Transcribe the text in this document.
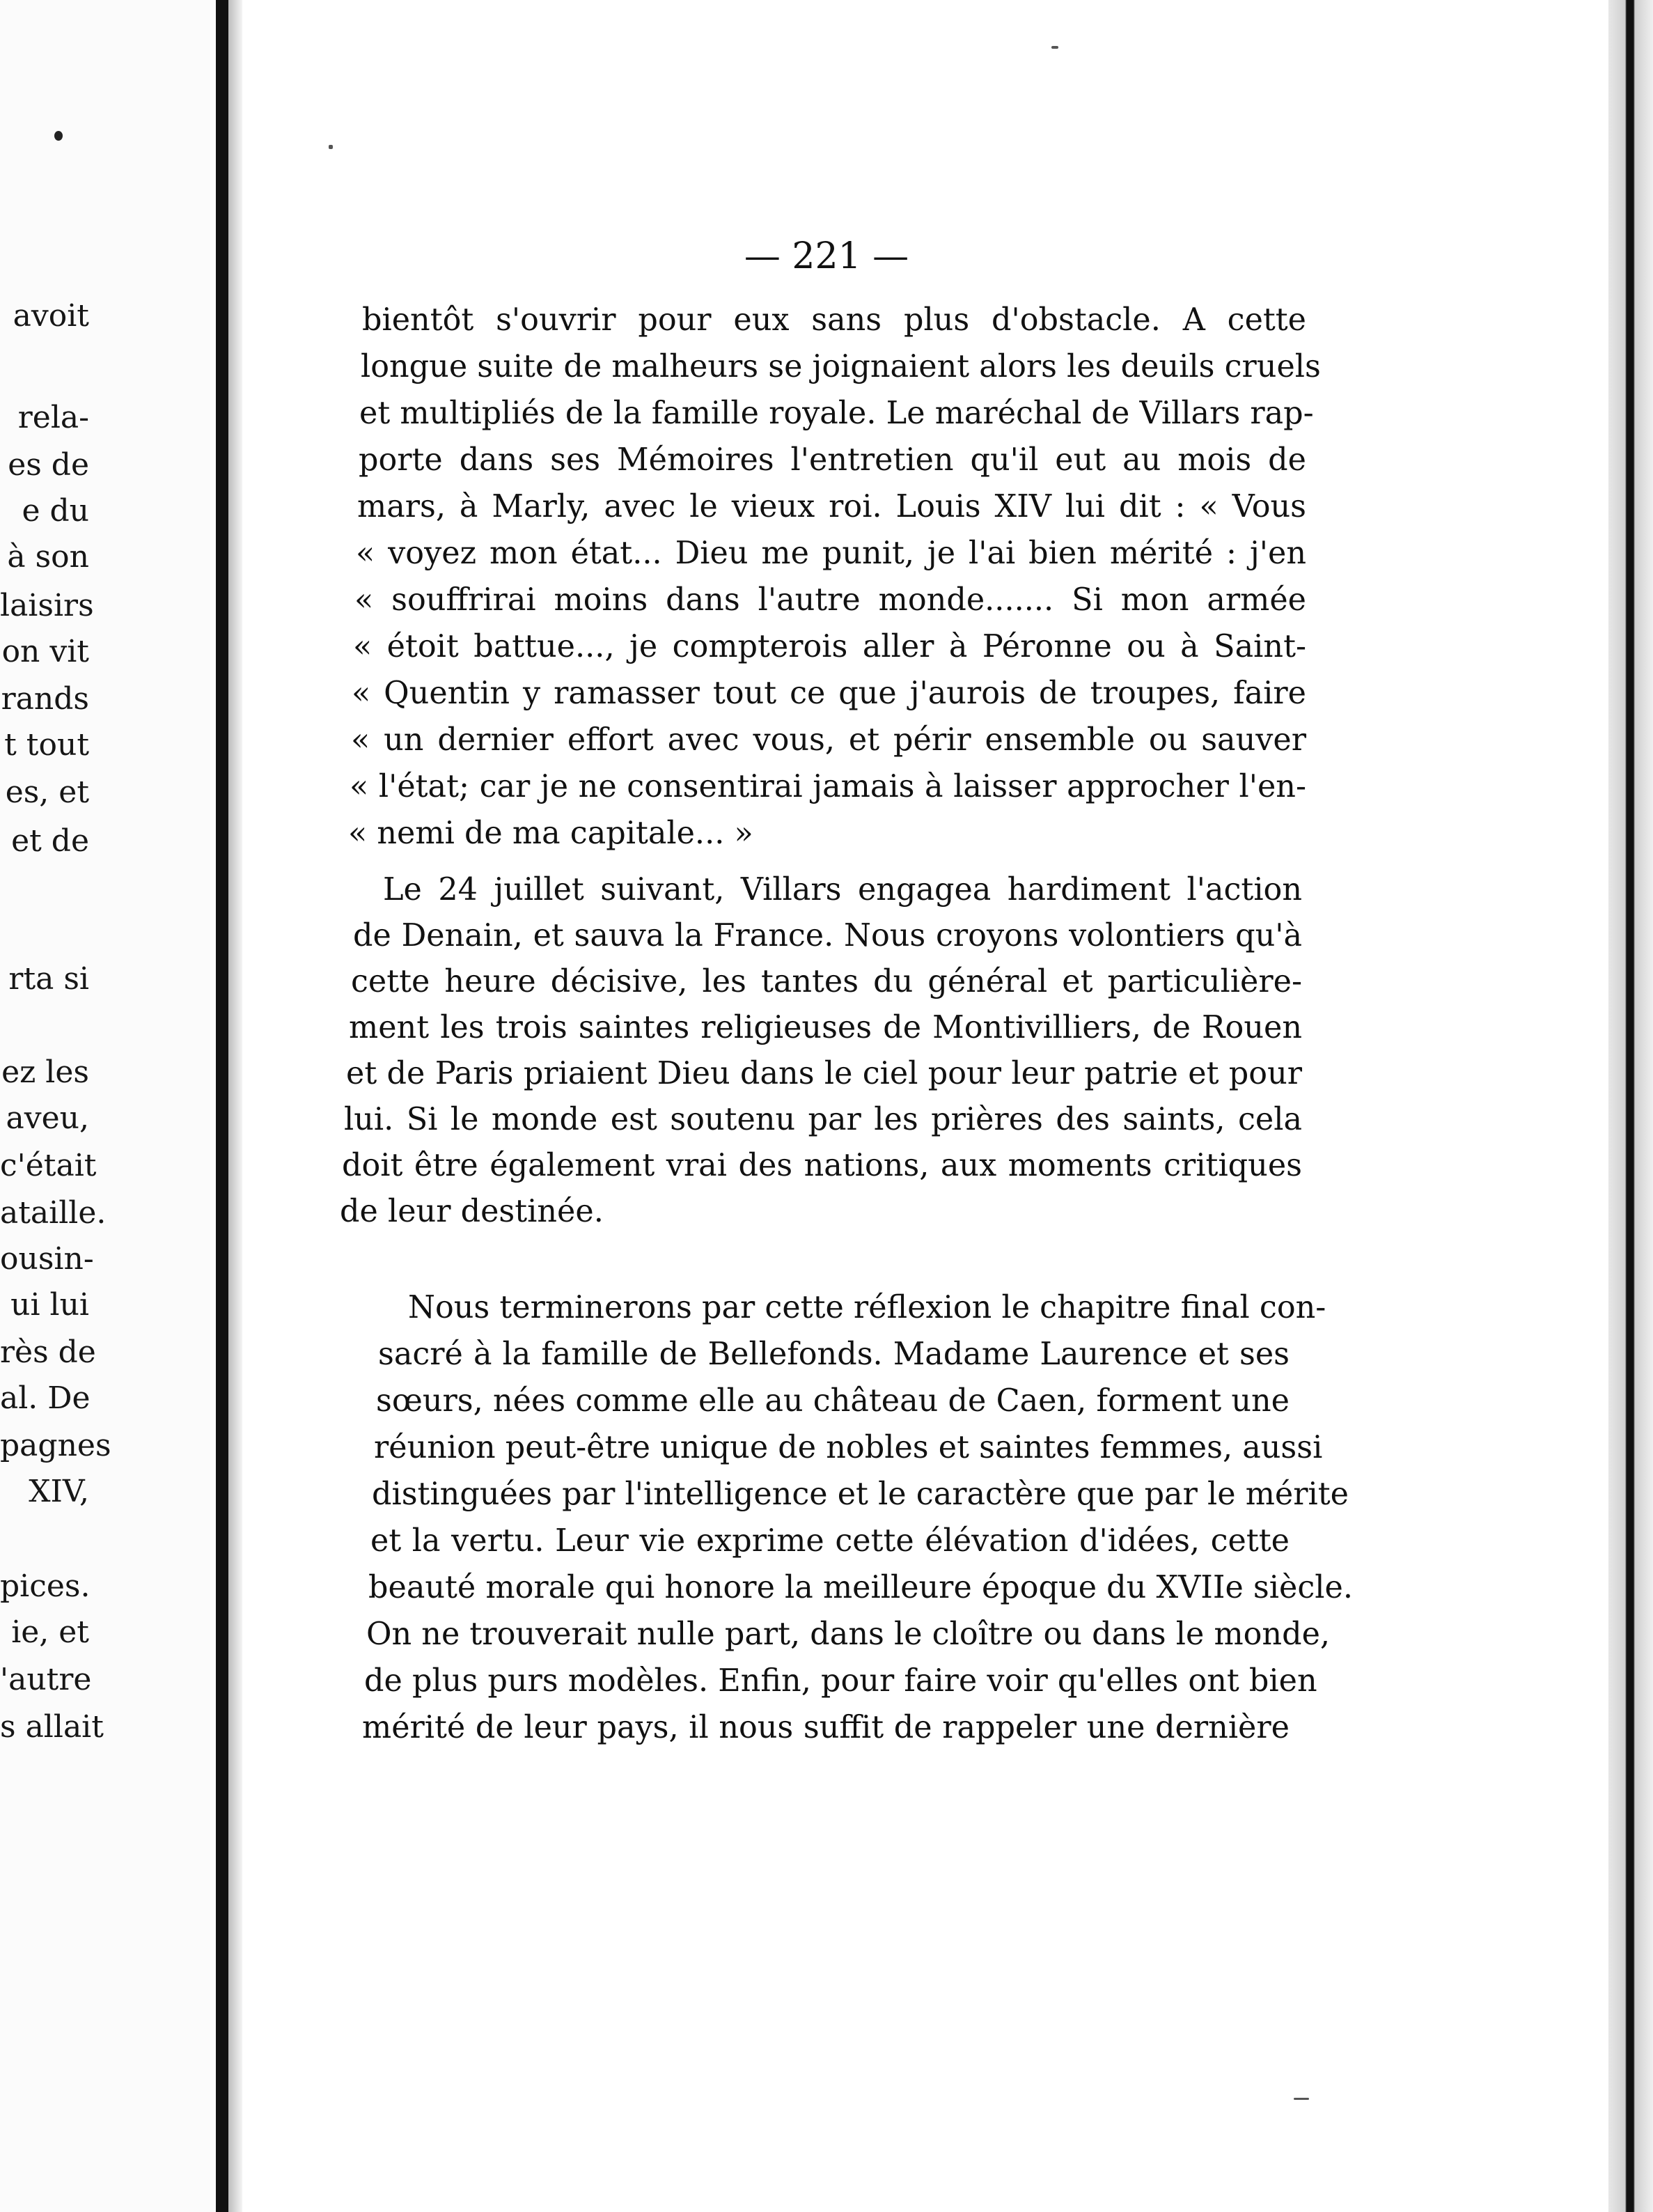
avoit
rela-
es de
e du
à son
laisirs
on vit
rands
t tout
es, et
et de
rta si
ez les
aveu,
c'était
ataille.
ousin-
ui lui
rès de
al. De
pagnes
XIV,
pices.
ie, et
'autre
s allait
— 221 —
bientôt s'ouvrir pour eux sans plus d'obstacle. A cette
longue suite de malheurs se joignaient alors les deuils cruels
et multipliés de la famille royale. Le maréchal de Villars rap-
porte dans ses Mémoires l'entretien qu'il eut au mois de
mars, à Marly, avec le vieux roi. Louis XIV lui dit : « Vous
« voyez mon état... Dieu me punit, je l'ai bien mérité : j'en
« souffrirai moins dans l'autre monde....... Si mon armée
« étoit battue..., je compterois aller à Péronne ou à Saint-
« Quentin y ramasser tout ce que j'aurois de troupes, faire
« un dernier effort avec vous, et périr ensemble ou sauver
« l'état; car je ne consentirai jamais à laisser approcher l'en-
« nemi de ma capitale... »
Le 24 juillet suivant, Villars engagea hardiment l'action
de Denain, et sauva la France. Nous croyons volontiers qu'à
cette heure décisive, les tantes du général et particulière-
ment les trois saintes religieuses de Montivilliers, de Rouen
et de Paris priaient Dieu dans le ciel pour leur patrie et pour
lui. Si le monde est soutenu par les prières des saints, cela
doit être également vrai des nations, aux moments critiques
de leur destinée.
Nous terminerons par cette réflexion le chapitre final con-
sacré à la famille de Bellefonds. Madame Laurence et ses
sœurs, nées comme elle au château de Caen, forment une
réunion peut-être unique de nobles et saintes femmes, aussi
distinguées par l'intelligence et le caractère que par le mérite
et la vertu. Leur vie exprime cette élévation d'idées, cette
beauté morale qui honore la meilleure époque du XVIIe siècle.
On ne trouverait nulle part, dans le cloître ou dans le monde,
de plus purs modèles. Enfin, pour faire voir qu'elles ont bien
mérité de leur pays, il nous suffit de rappeler une dernière
